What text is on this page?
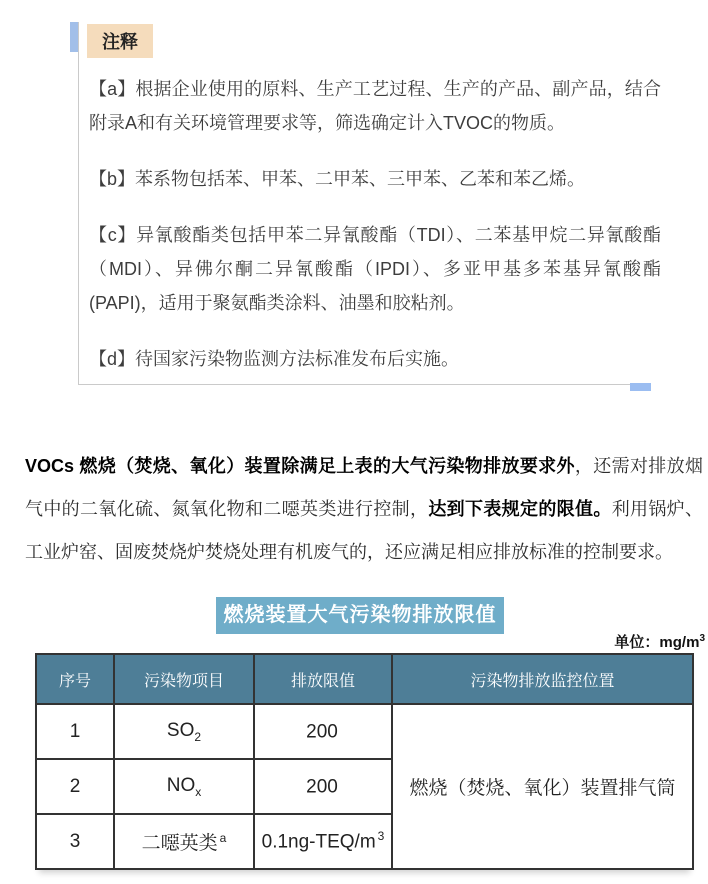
注释

【a】根据企业使用的原料、生产工艺过程、生产的产品、副产品，结合附录A和有关环境管理要求等，筛选确定计入TVOC的物质。

【b】苯系物包括苯、甲苯、二甲苯、三甲苯、乙苯和苯乙烯。

【c】异氰酸酯类包括甲苯二异氰酸酯（TDI）、二苯基甲烷二异氰酸酯（MDI）、异佛尔酮二异氰酸酯（IPDI）、多亚甲基多苯基异氰酸酯(PAPI)，适用于聚氨酯类涂料、油墨和胶粘剂。

【d】待国家污染物监测方法标准发布后实施。

VOCs 燃烧（焚烧、氧化）装置除满足上表的大气污染物排放要求外，还需对排放烟气中的二氧化硫、氮氧化物和二噁英类进行控制，达到下表规定的限值。利用锅炉、工业炉窑、固废焚烧炉焚烧处理有机废气的，还应满足相应排放标准的控制要求。

燃烧装置大气污染物排放限值
单位：$mg/m^3$
序号	污染物项目	排放限值	污染物排放监控位置
1	$SO_2$	200	燃烧（焚烧、氧化）装置排气筒
2	$NO_x$	200	
3	二噁英类 $^a$	0.1ng-TEQ/m $^3$
